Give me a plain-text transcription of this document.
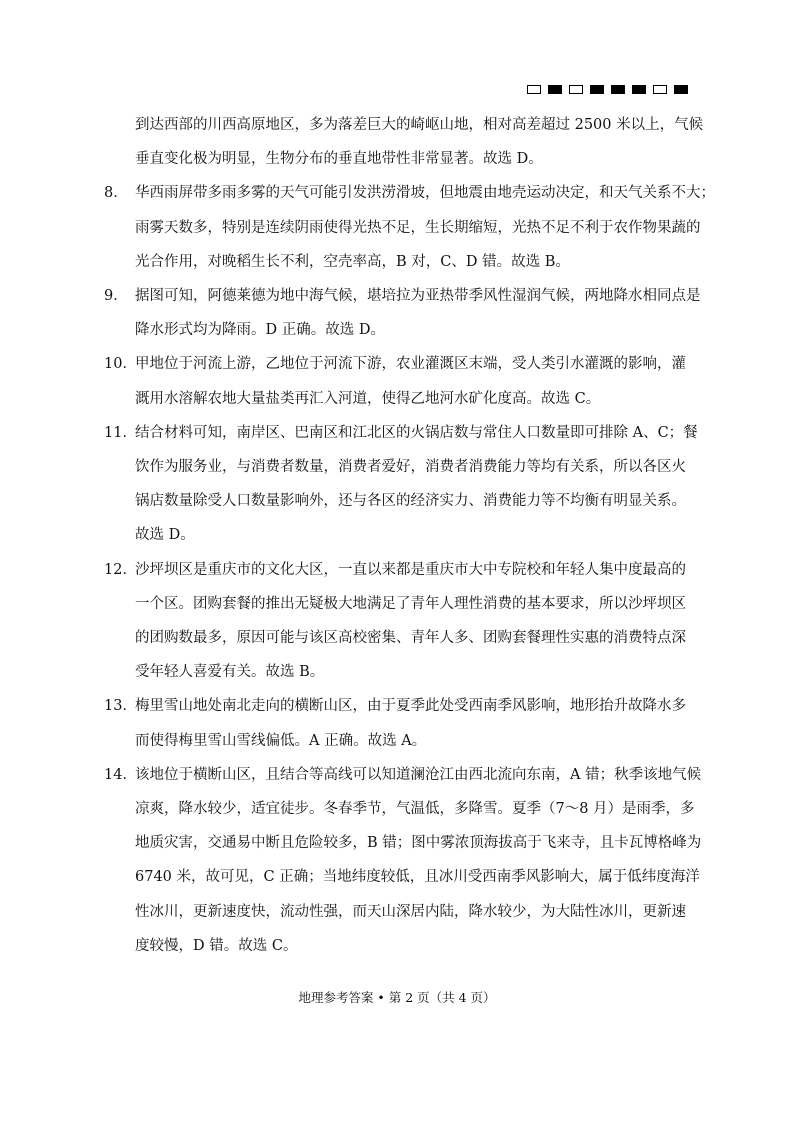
到达西部的川西高原地区，多为落差巨大的崎岖山地，相对高差超过 2500 米以上，气候
垂直变化极为明显，生物分布的垂直地带性非常显著。故选 D。
8． 华西雨屏带多雨多雾的天气可能引发洪涝滑坡，但地震由地壳运动决定，和天气关系不大；
雨雾天数多，特别是连续阴雨使得光热不足，生长期缩短，光热不足不利于农作物果蔬的
光合作用，对晚稻生长不利，空壳率高，B 对，C、D 错。故选 B。
9． 据图可知，阿德莱德为地中海气候，堪培拉为亚热带季风性湿润气候，两地降水相同点是
降水形式均为降雨。D 正确。故选 D。
10．
甲地位于河流上游，乙地位于河流下游，农业灌溉区末端，受人类引水灌溉的影响，灌
溉用水溶解农地大量盐类再汇入河道，使得乙地河水矿化度高。故选 C。
11．
结合材料可知，南岸区、巴南区和江北区的火锅店数与常住人口数量即可排除 A、C；餐
饮作为服务业，与消费者数量，消费者爱好，消费者消费能力等均有关系，所以各区火
锅店数量除受人口数量影响外，还与各区的经济实力、消费能力等不均衡有明显关系。
故选 D。
12．
沙坪坝区是重庆市的文化大区，一直以来都是重庆市大中专院校和年轻人集中度最高的
一个区。团购套餐的推出无疑极大地满足了青年人理性消费的基本要求，所以沙坪坝区
的团购数最多，原因可能与该区高校密集、青年人多、团购套餐理性实惠的消费特点深
受年轻人喜爱有关。故选 B。
13．
梅里雪山地处南北走向的横断山区，由于夏季此处受西南季风影响，地形抬升故降水多
而使得梅里雪山雪线偏低。A 正确。故选 A。
14．
该地位于横断山区，且结合等高线可以知道澜沧江由西北流向东南，A 错；秋季该地气候
凉爽，降水较少，适宜徒步。冬春季节，气温低，多降雪。夏季（7～8 月）是雨季，多
地质灾害，交通易中断且危险较多，B 错；图中雾浓顶海拔高于飞来寺，且卡瓦博格峰为
6740 米，故可见，C 正确；当地纬度较低，且冰川受西南季风影响大，属于低纬度海洋
性冰川，更新速度快，流动性强，而天山深居内陆，降水较少，为大陆性冰川，更新速
度较慢，D 错。故选 C。
地理参考答案 • 第 2 页（共 4 页）
